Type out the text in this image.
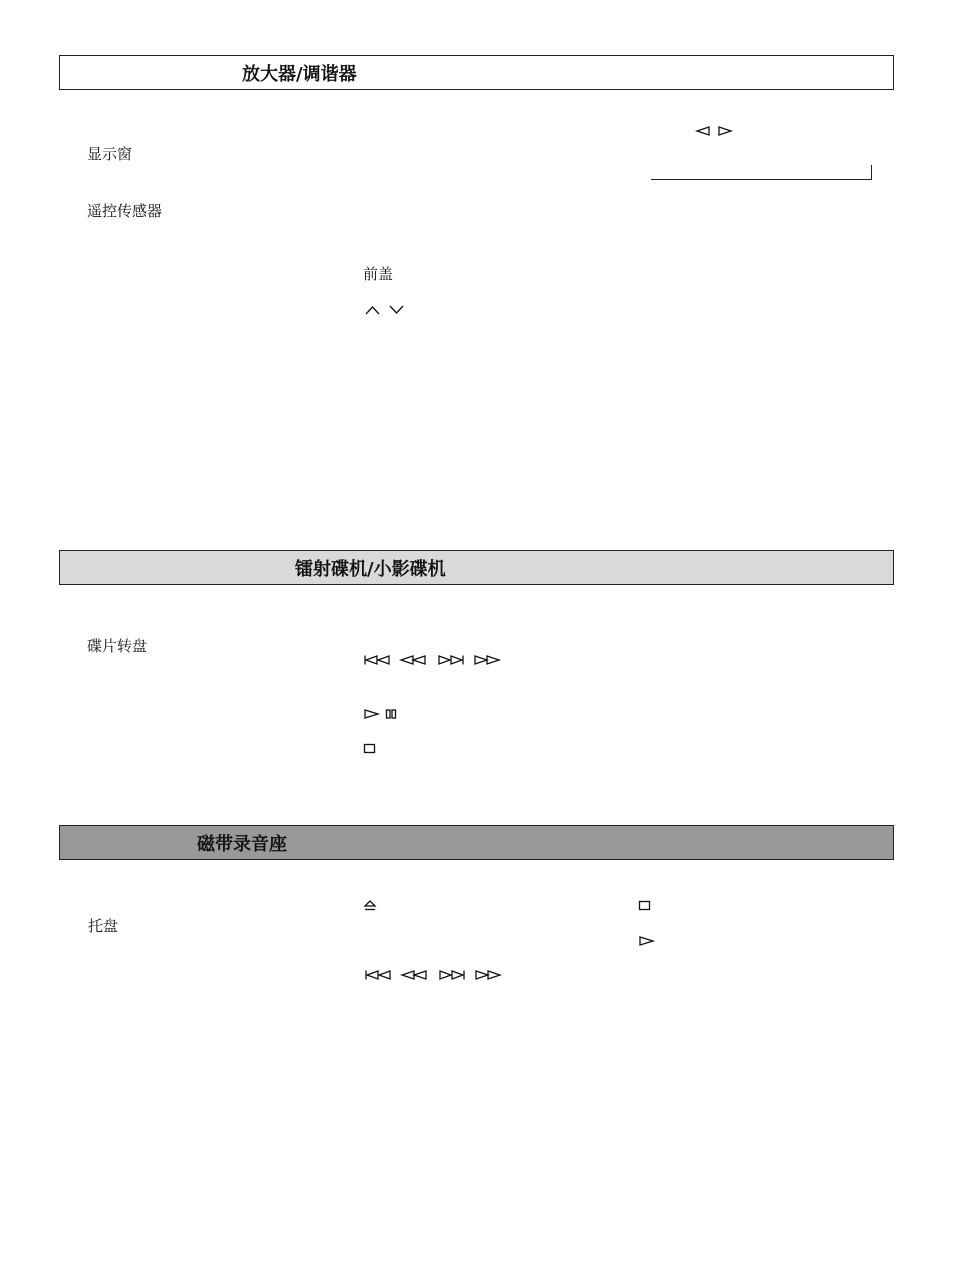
放大器/调谐器
显示窗
遥控传感器
前盖
镭射碟机/小影碟机
碟片转盘
磁带录音座
托盘
